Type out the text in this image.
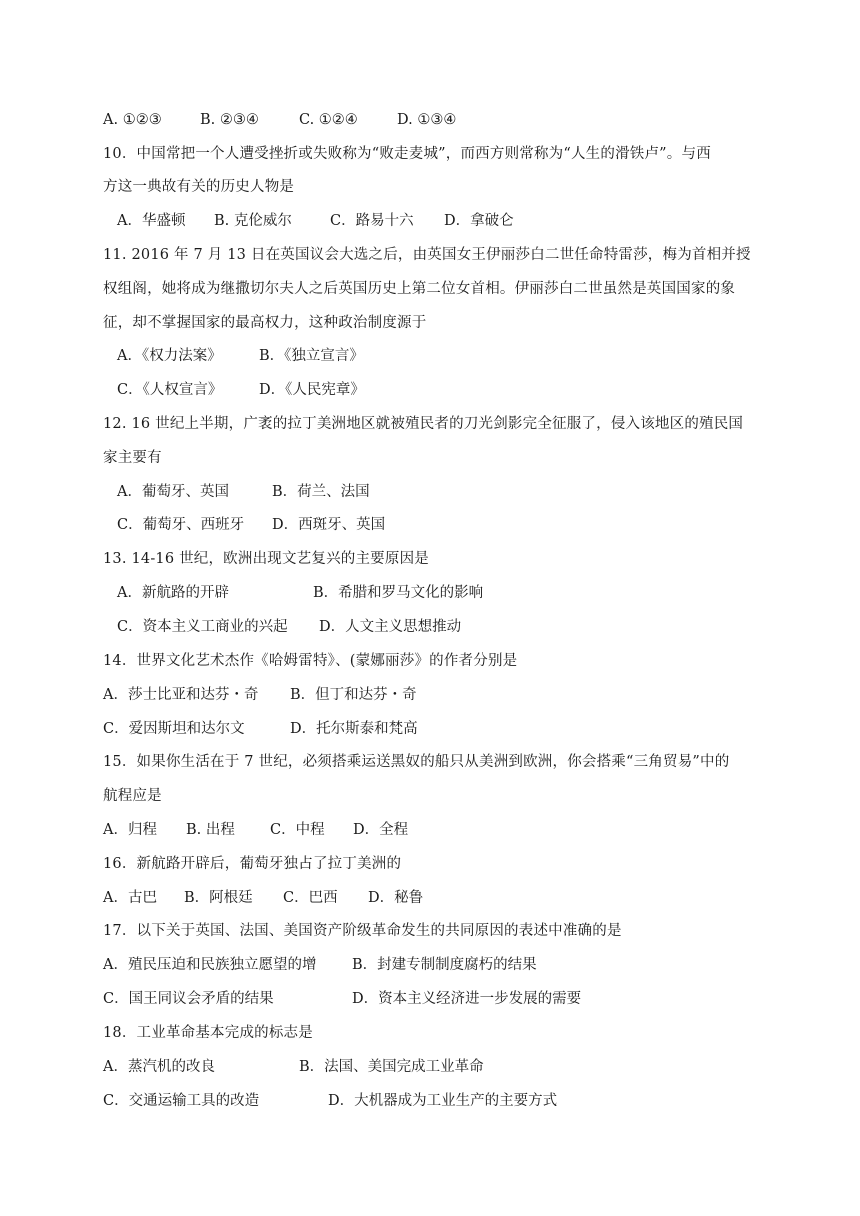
A. ①②③	B. ②③④	C. ①②④	D. ①③④
10．中国常把一个人遭受挫折或失败称为“败走麦城”，而西方则常称为“人生的滑铁卢”。与西
方这一典故有关的历史人物是
A．华盛顿 B. 克伦威尔	C．路易十六 D．拿破仑
11. 2016 年 7 月 13 日在英国议会大选之后，由英国女王伊丽莎白二世任命特雷莎，梅为首相并授
权组阁，她将成为继撒切尔夫人之后英国历史上第二位女首相。伊丽莎白二世虽然是英国国家的象
征，却不掌握国家的最高权力，这种政治制度源于
A．《权力法案》	B．《独立宣言》
C．《人权宣言》	D．《人民宪章》
12. 16 世纪上半期，广袤的拉丁美洲地区就被殖民者的刀光剑影完全征服了，侵入该地区的殖民国
家主要有
A．葡萄牙、英国	B．荷兰、法国
C．葡萄牙、西班牙 D．西斑牙、英国
13. 14-16 世纪，欧洲出现文艺复兴的主要原因是
A．新航路的开辟	B．希腊和罗马文化的影响
C．资本主义工商业的兴起 D．人文主义思想推动
14．世界文化艺术杰作《哈姆雷特》、(蒙娜丽莎》的作者分别是
A．莎士比亚和达芬・奇 B．但丁和达芬・奇
C．爱因斯坦和达尔文	D．托尔斯泰和梵高
15．如果你生活在于 7 世纪，必须搭乘运送黑奴的船只从美洲到欧洲，你会搭乘“三角贸易”中的
航程应是
A．归程 B. 出程 C．中程 D．全程
16．新航路开辟后，葡萄牙独占了拉丁美洲的
A．古巴 B．阿根廷 C．巴西 D．秘鲁
17．以下关于英国、法国、美国资产阶级革命发生的共同原因的表述中准确的是
A．殖民压迫和民族独立愿望的增 B．封建专制制度腐朽的结果
C．国王同议会矛盾的结果	D．资本主义经济进一步发展的需要
18．工业革命基本完成的标志是
A．蒸汽机的改良	B．法国、美国完成工业革命
C．交通运输工具的改造	D．大机器成为工业生产的主要方式
